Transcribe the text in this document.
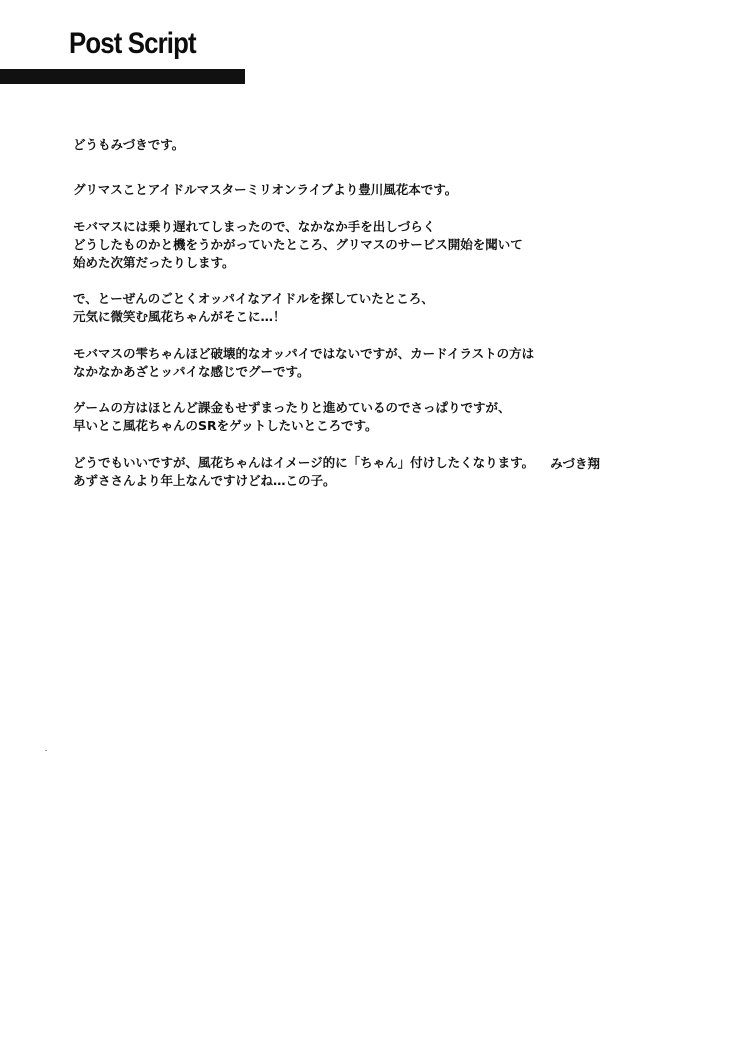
Post Script

どうもみづきです。

グリマスことアイドルマスターミリオンライブより豊川風花本です。

モバマスには乗り遅れてしまったので、なかなか手を出しづらく
どうしたものかと機をうかがっていたところ、グリマスのサービス開始を聞いて
始めた次第だったりします。

で、とーぜんのごとくオッパイなアイドルを探していたところ、
元気に微笑む風花ちゃんがそこに…！

モバマスの雫ちゃんほど破壊的なオッパイではないですが、カードイラストの方は
なかなかあざとッパイな感じでグーです。

ゲームの方はほとんど課金もせずまったりと進めているのでさっぱりですが、
早いとこ風花ちゃんのSRをゲットしたいところです。

どうでもいいですが、風花ちゃんはイメージ的に「ちゃん」付けしたくなります。
あずささんより年上なんですけどね…この子。

みづき翔
